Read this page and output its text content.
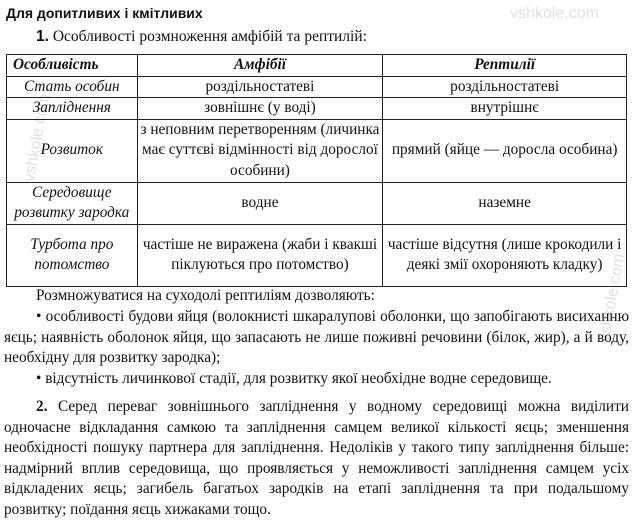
vshkole.com
vshkole.com
vshkole.com
Для допитливих і кмітливих
1. Особливості розмноження амфібій та рептилій:
Особливість	Амфібії	Рептилії
Стать особин	роздільностатеві	роздільностатеві
Запліднення	зовнішнє (у воді)	внутрішнє
Розвиток	з неповним перетворенням (личинка має суттєві відмінності від дорослої особини)	прямий (яйце — доросла особина)
Середовище розвитку зародка	водне	наземне
Турбота про потомство	частіше не виражена (жаби і квакші піклуються про потомство)	частіше відсутня (лише крокодили і деякі змії охороняють кладку)
Розмножуватися на суходолі рептиліям дозволяють:
• особливості будови яйця (волокнисті шкаралупові оболонки, що запобігають висиханню яєць; наявність оболонок яйця, що запасають не лише поживні речовини (білок, жир), а й воду, необхідну для розвитку зародка);
• відсутність личинкової стадії, для розвитку якої необхідне водне середовище.
2. Серед переваг зовнішнього запліднення у водному середовищі можна виділити одночасне відкладання самкою та запліднення самцем великої кількості яєць; зменшення необхідності пошуку партнера для запліднення. Недоліків у такого типу запліднення більше: надмірний вплив середовища, що проявляється у неможливості запліднення самцем усіх відкладених яєць; загибель багатьох зародків на етапі запліднення та при подальшому розвитку; поїдання яєць хижаками тощо.
